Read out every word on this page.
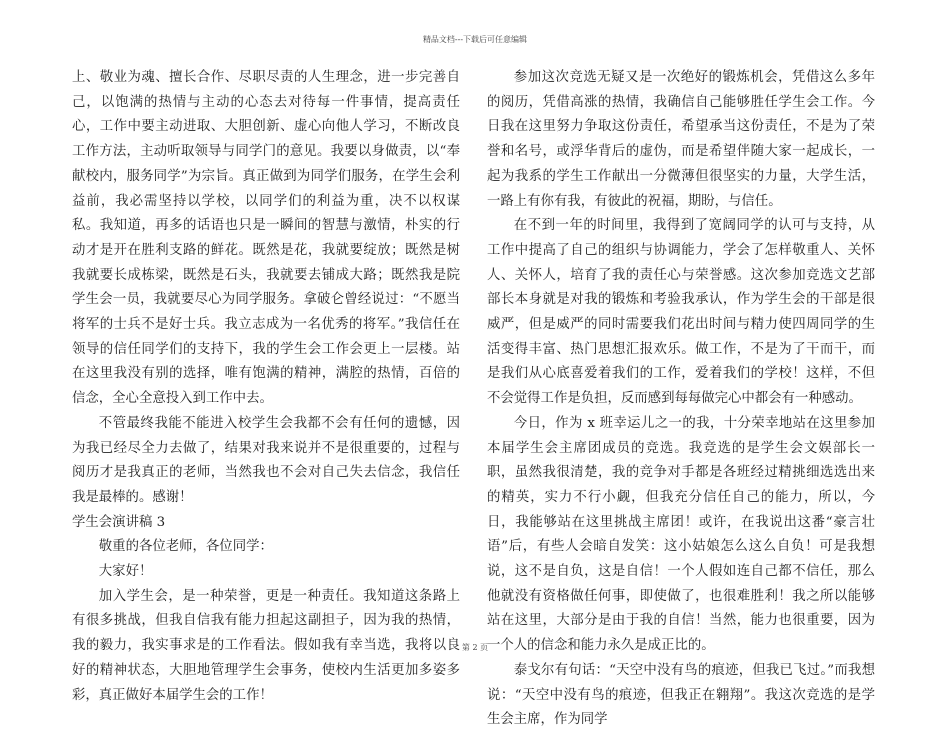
精品文档---下载后可任意编辑

上、敬业为魂、擅长合作、尽职尽责的人生理念，进一步完善自己，以饱满的热情与主动的心态去对待每一件事情，提高责任心，工作中要主动进取、大胆创新、虚心向他人学习，不断改良工作方法，主动听取领导与同学门的意见。我要以身做责，以“奉献校内，服务同学”为宗旨。真正做到为同学们服务，在学生会利益前，我必需坚持以学校，以同学们的利益为重，决不以权谋私。我知道，再多的话语也只是一瞬间的智慧与激情，朴实的行动才是开在胜利支路的鲜花。既然是花，我就要绽放；既然是树我就要长成栋梁，既然是石头，我就要去铺成大路；既然我是院学生会一员，我就要尽心为同学服务。拿破仑曾经说过：“不愿当将军的士兵不是好士兵。我立志成为一名优秀的将军。”我信任在领导的信任同学们的支持下，我的学生会工作会更上一层楼。站在这里我没有别的选择，唯有饱满的精神，满腔的热情，百倍的信念，全心全意投入到工作中去。

不管最终我能不能进入校学生会我都不会有任何的遗憾，因为我已经尽全力去做了，结果对我来说并不是很重要的，过程与阅历才是我真正的老师，当然我也不会对自己失去信念，我信任我是最棒的。感谢！

学生会演讲稿 3

敬重的各位老师，各位同学：

大家好！

加入学生会，是一种荣誉，更是一种责任。我知道这条路上有很多挑战，但我自信我有能力担起这副担子，因为我的热情，我的毅力，我实事求是的工作看法。假如我有幸当选，我将以良好的精神状态，大胆地管理学生会事务，使校内生活更加多姿多彩，真正做好本届学生会的工作！

参加这次竞选无疑又是一次绝好的锻炼机会，凭借这么多年的阅历，凭借高涨的热情，我确信自己能够胜任学生会工作。今日我在这里努力争取这份责任，希望承当这份责任，不是为了荣誉和名号，或浮华背后的虚伪，而是希望伴随大家一起成长，一起为我系的学生工作献出一分微薄但很坚实的力量，大学生活，一路上有你有我，有彼此的祝福，期盼，与信任。

在不到一年的时间里，我得到了宽阔同学的认可与支持，从工作中提高了自己的组织与协调能力，学会了怎样敬重人、关怀人、关怀人，培育了我的责任心与荣誉感。这次参加竞选文艺部部长本身就是对我的锻炼和考验我承认，作为学生会的干部是很威严，但是威严的同时需要我们花出时间与精力使四周同学的生活变得丰富、热门思想汇报欢乐。做工作，不是为了干而干，而是我们从心底喜爱着我们的工作，爱着我们的学校！这样，不但不会觉得工作是负担，反而感到每每做完心中都会有一种感动。

今日，作为 x 班幸运儿之一的我，十分荣幸地站在这里参加本届学生会主席团成员的竞选。我竞选的是学生会文娱部长一职，虽然我很清楚，我的竞争对手都是各班经过精挑细选选出来的精英，实力不行小觑，但我充分信任自己的能力，所以，今日，我能够站在这里挑战主席团！或许，在我说出这番“豪言壮语”后，有些人会暗自发笑：这小姑娘怎么这么自负！可是我想说，这不是自负，这是自信！一个人假如连自己都不信任，那么他就没有资格做任何事，即使做了，也很难胜利！我之所以能够站在这里，大部分是由于我的自信！当然，能力也很重要，因为一个人的信念和能力永久是成正比的。

泰戈尔有句话：“天空中没有鸟的痕迹，但我已飞过。”而我想说：“天空中没有鸟的痕迹，但我正在翱翔”。我这次竞选的是学生会主席，作为同学

第 2 页
